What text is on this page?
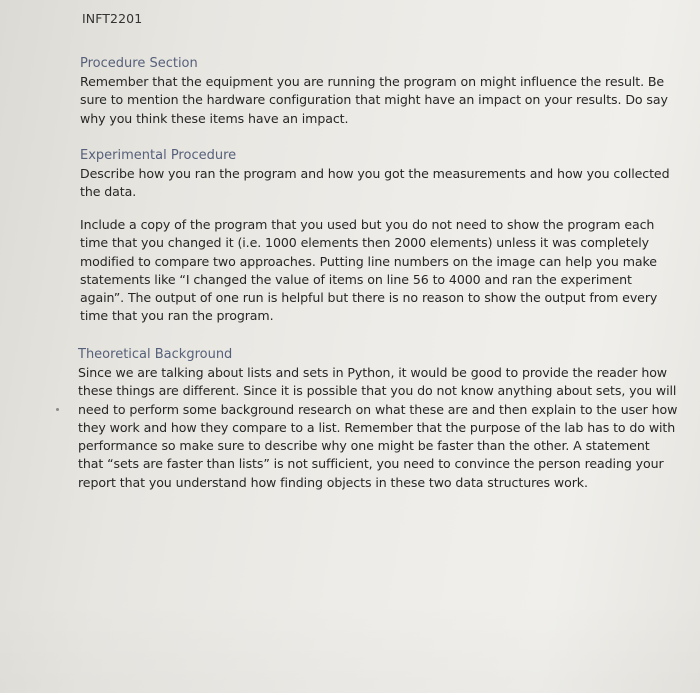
INFT2201
Procedure Section

Remember that the equipment you are running the program on might influence the result. Be sure to mention the hardware configuration that might have an impact on your results. Do say why you think these items have an impact.

Experimental Procedure

Describe how you ran the program and how you got the measurements and how you collected the data.

Include a copy of the program that you used but you do not need to show the program each time that you changed it (i.e. 1000 elements then 2000 elements) unless it was completely modified to compare two approaches. Putting line numbers on the image can help you make statements like “I changed the value of items on line 56 to 4000 and ran the experiment again”. The output of one run is helpful but there is no reason to show the output from every time that you ran the program.

Theoretical Background

Since we are talking about lists and sets in Python, it would be good to provide the reader how these things are different. Since it is possible that you do not know anything about sets, you will need to perform some background research on what these are and then explain to the user how they work and how they compare to a list. Remember that the purpose of the lab has to do with performance so make sure to describe why one might be faster than the other. A statement that “sets are faster than lists” is not sufficient, you need to convince the person reading your report that you understand how finding objects in these two data structures work.
